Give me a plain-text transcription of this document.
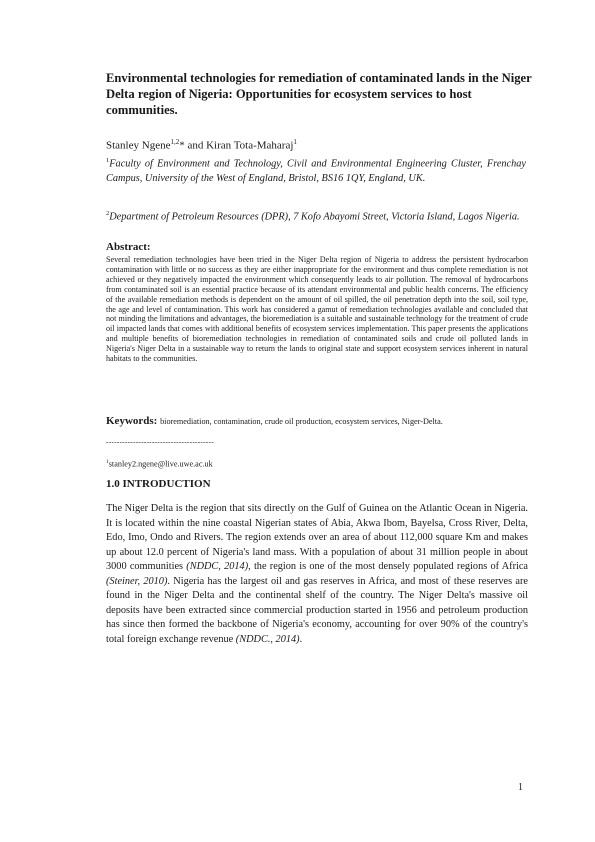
Environmental technologies for remediation of contaminated lands in the Niger Delta region of Nigeria: Opportunities for ecosystem services to host communities.
Stanley Ngene$^{1,2}$* and Kiran Tota-Maharaj$^1$
$^1$Faculty of Environment and Technology, Civil and Environmental Engineering Cluster, Frenchay Campus, University of the West of England, Bristol, BS16 1QY, England, UK.
$^2$Department of Petroleum Resources (DPR), 7 Kofo Abayomi Street, Victoria Island, Lagos Nigeria.
Abstract:
Several remediation technologies have been tried in the Niger Delta region of Nigeria to address the persistent hydrocarbon contamination with little or no success as they are either inappropriate for the environment and thus complete remediation is not achieved or they negatively impacted the environment which consequently leads to air pollution. The removal of hydrocarbons from contaminated soil is an essential practice because of its attendant environmental and public health concerns. The efficiency of the available remediation methods is dependent on the amount of oil spilled, the oil penetration depth into the soil, soil type, the age and level of contamination. This work has considered a gamut of remediation technologies available and concluded that not minding the limitations and advantages, the bioremediation is a suitable and sustainable technology for the treatment of crude oil impacted lands that comes with additional benefits of ecosystem services implementation. This paper presents the applications and multiple benefits of bioremediation technologies in remediation of contaminated soils and crude oil polluted lands in Nigeria's Niger Delta in a sustainable way to return the lands to original state and support ecosystem services inherent in natural habitats to the communities.
Keywords: bioremediation, contamination, crude oil production, ecosystem services, Niger-Delta.
----------------------------------------
$^1$stanley2.ngene@live.uwe.ac.uk
1.0 INTRODUCTION
The Niger Delta is the region that sits directly on the Gulf of Guinea on the Atlantic Ocean in Nigeria. It is located within the nine coastal Nigerian states of Abia, Akwa Ibom, Bayelsa, Cross River, Delta, Edo, Imo, Ondo and Rivers. The region extends over an area of about 112,000 square Km and makes up about 12.0 percent of Nigeria's land mass. With a population of about 31 million people in about 3000 communities (NDDC, 2014), the region is one of the most densely populated regions of Africa (Steiner, 2010). Nigeria has the largest oil and gas reserves in Africa, and most of these reserves are found in the Niger Delta and the continental shelf of the country. The Niger Delta's massive oil deposits have been extracted since commercial production started in 1956 and petroleum production has since then formed the backbone of Nigeria's economy, accounting for over 90% of the country's total foreign exchange revenue (NDDC., 2014).
1
